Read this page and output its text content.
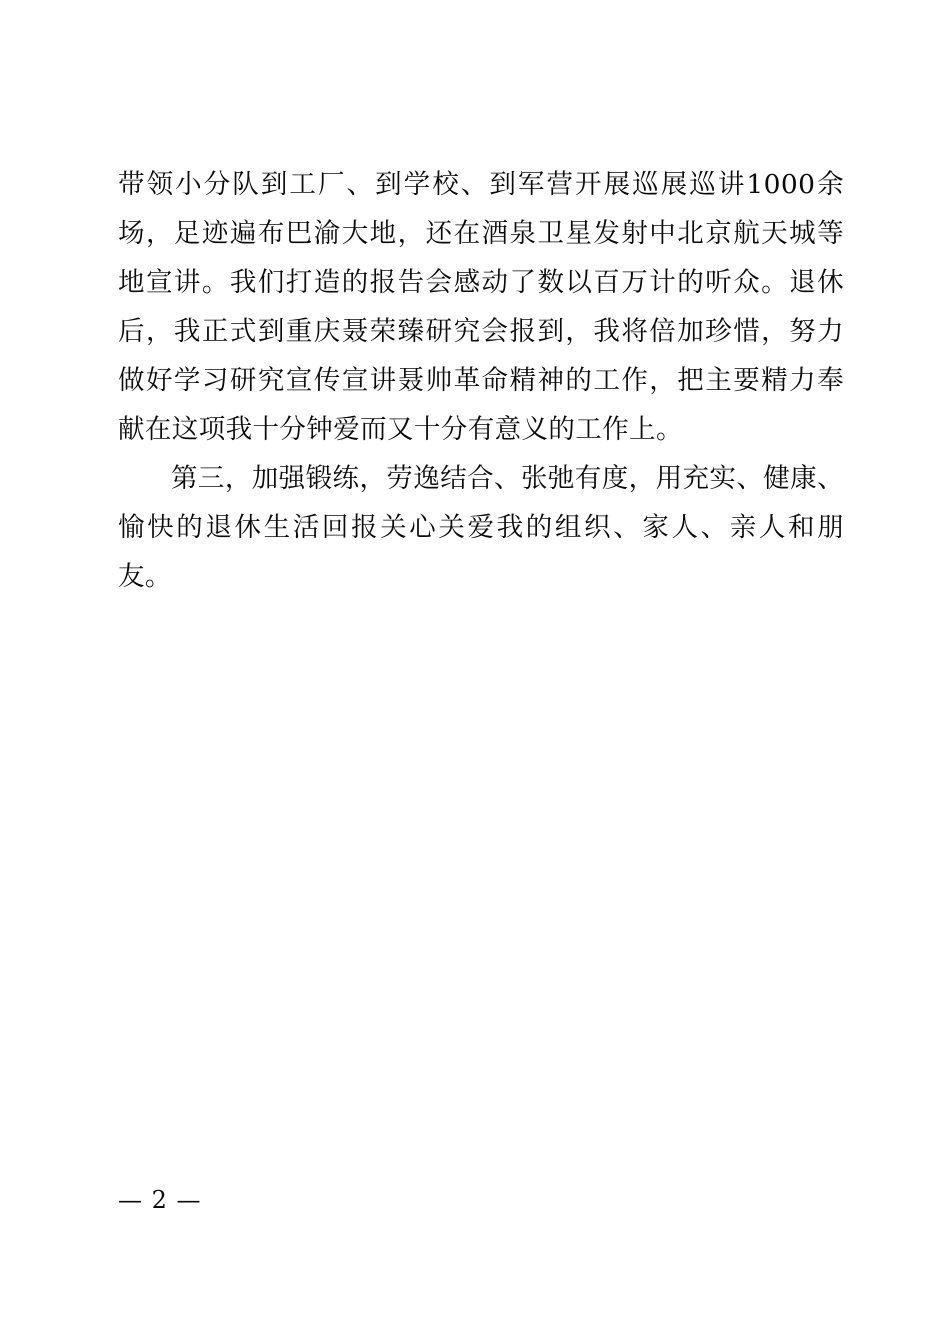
带领小分队到工厂、到学校、到军营开展巡展巡讲1000余场，足迹遍布巴渝大地，还在酒泉卫星发射中北京航天城等地宣讲。我们打造的报告会感动了数以百万计的听众。退休后，我正式到重庆聂荣臻研究会报到，我将倍加珍惜，努力做好学习研究宣传宣讲聂帅革命精神的工作，把主要精力奉献在这项我十分钟爱而又十分有意义的工作上。

第三，加强锻练，劳逸结合、张弛有度，用充实、健康、愉快的退休生活回报关心关爱我的组织、家人、亲人和朋友。

— 2 —
